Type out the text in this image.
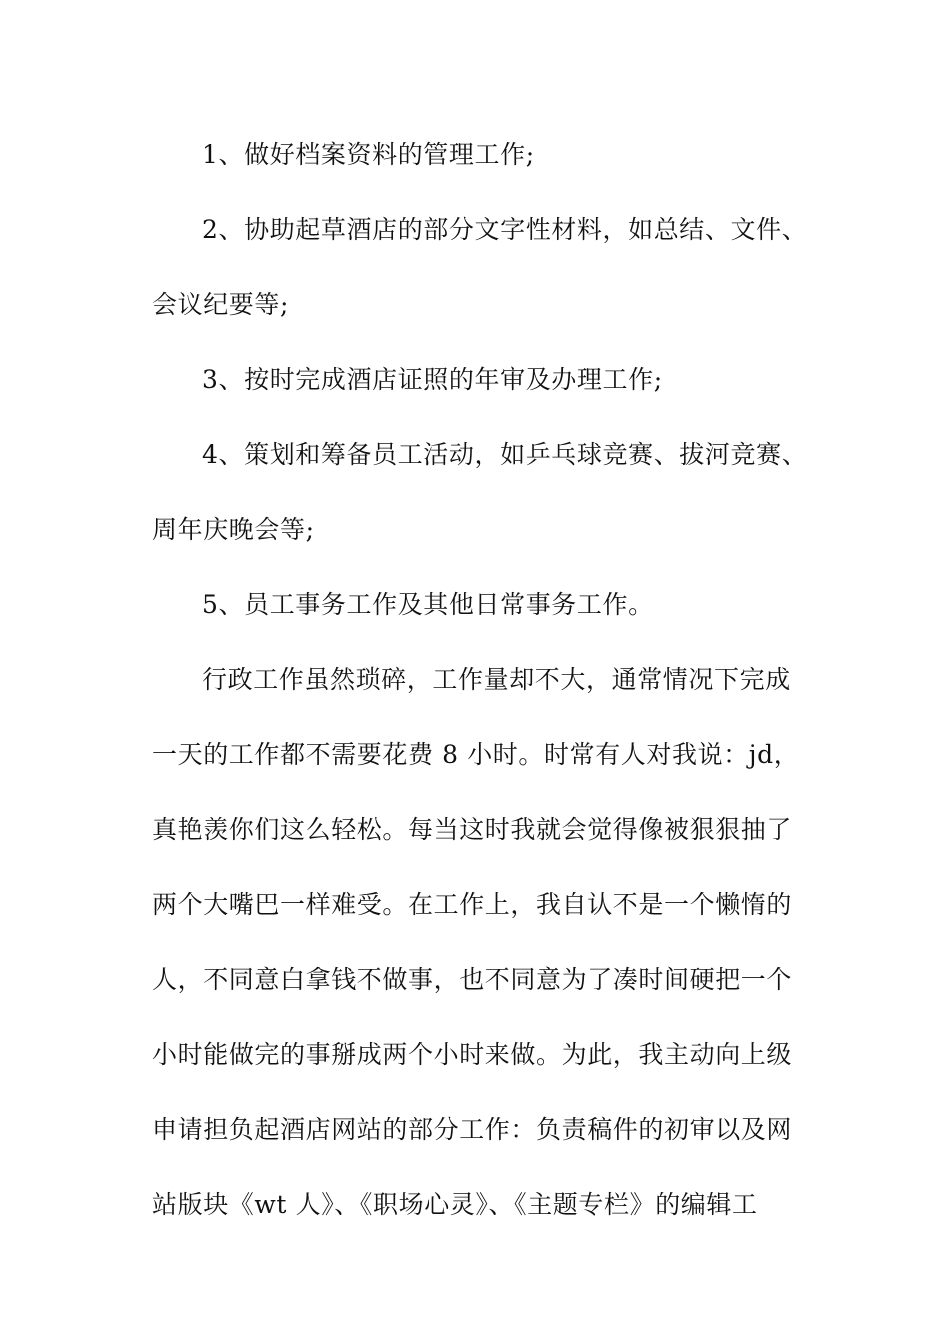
1、做好档案资料的管理工作;
2、协助起草酒店的部分文字性材料，如总结、文件、
会议纪要等;
3、按时完成酒店证照的年审及办理工作;
4、策划和筹备员工活动，如乒乓球竞赛、拔河竞赛、
周年庆晚会等;
5、员工事务工作及其他日常事务工作。
行政工作虽然琐碎，工作量却不大，通常情况下完成
一天的工作都不需要花费 8 小时。时常有人对我说：jd，
真艳羡你们这么轻松。每当这时我就会觉得像被狠狠抽了
两个大嘴巴一样难受。在工作上，我自认不是一个懒惰的
人，不同意白拿钱不做事，也不同意为了凑时间硬把一个
小时能做完的事掰成两个小时来做。为此，我主动向上级
申请担负起酒店网站的部分工作：负责稿件的初审以及网
站版块《wt 人》、《职场心灵》、《主题专栏》的编辑工
